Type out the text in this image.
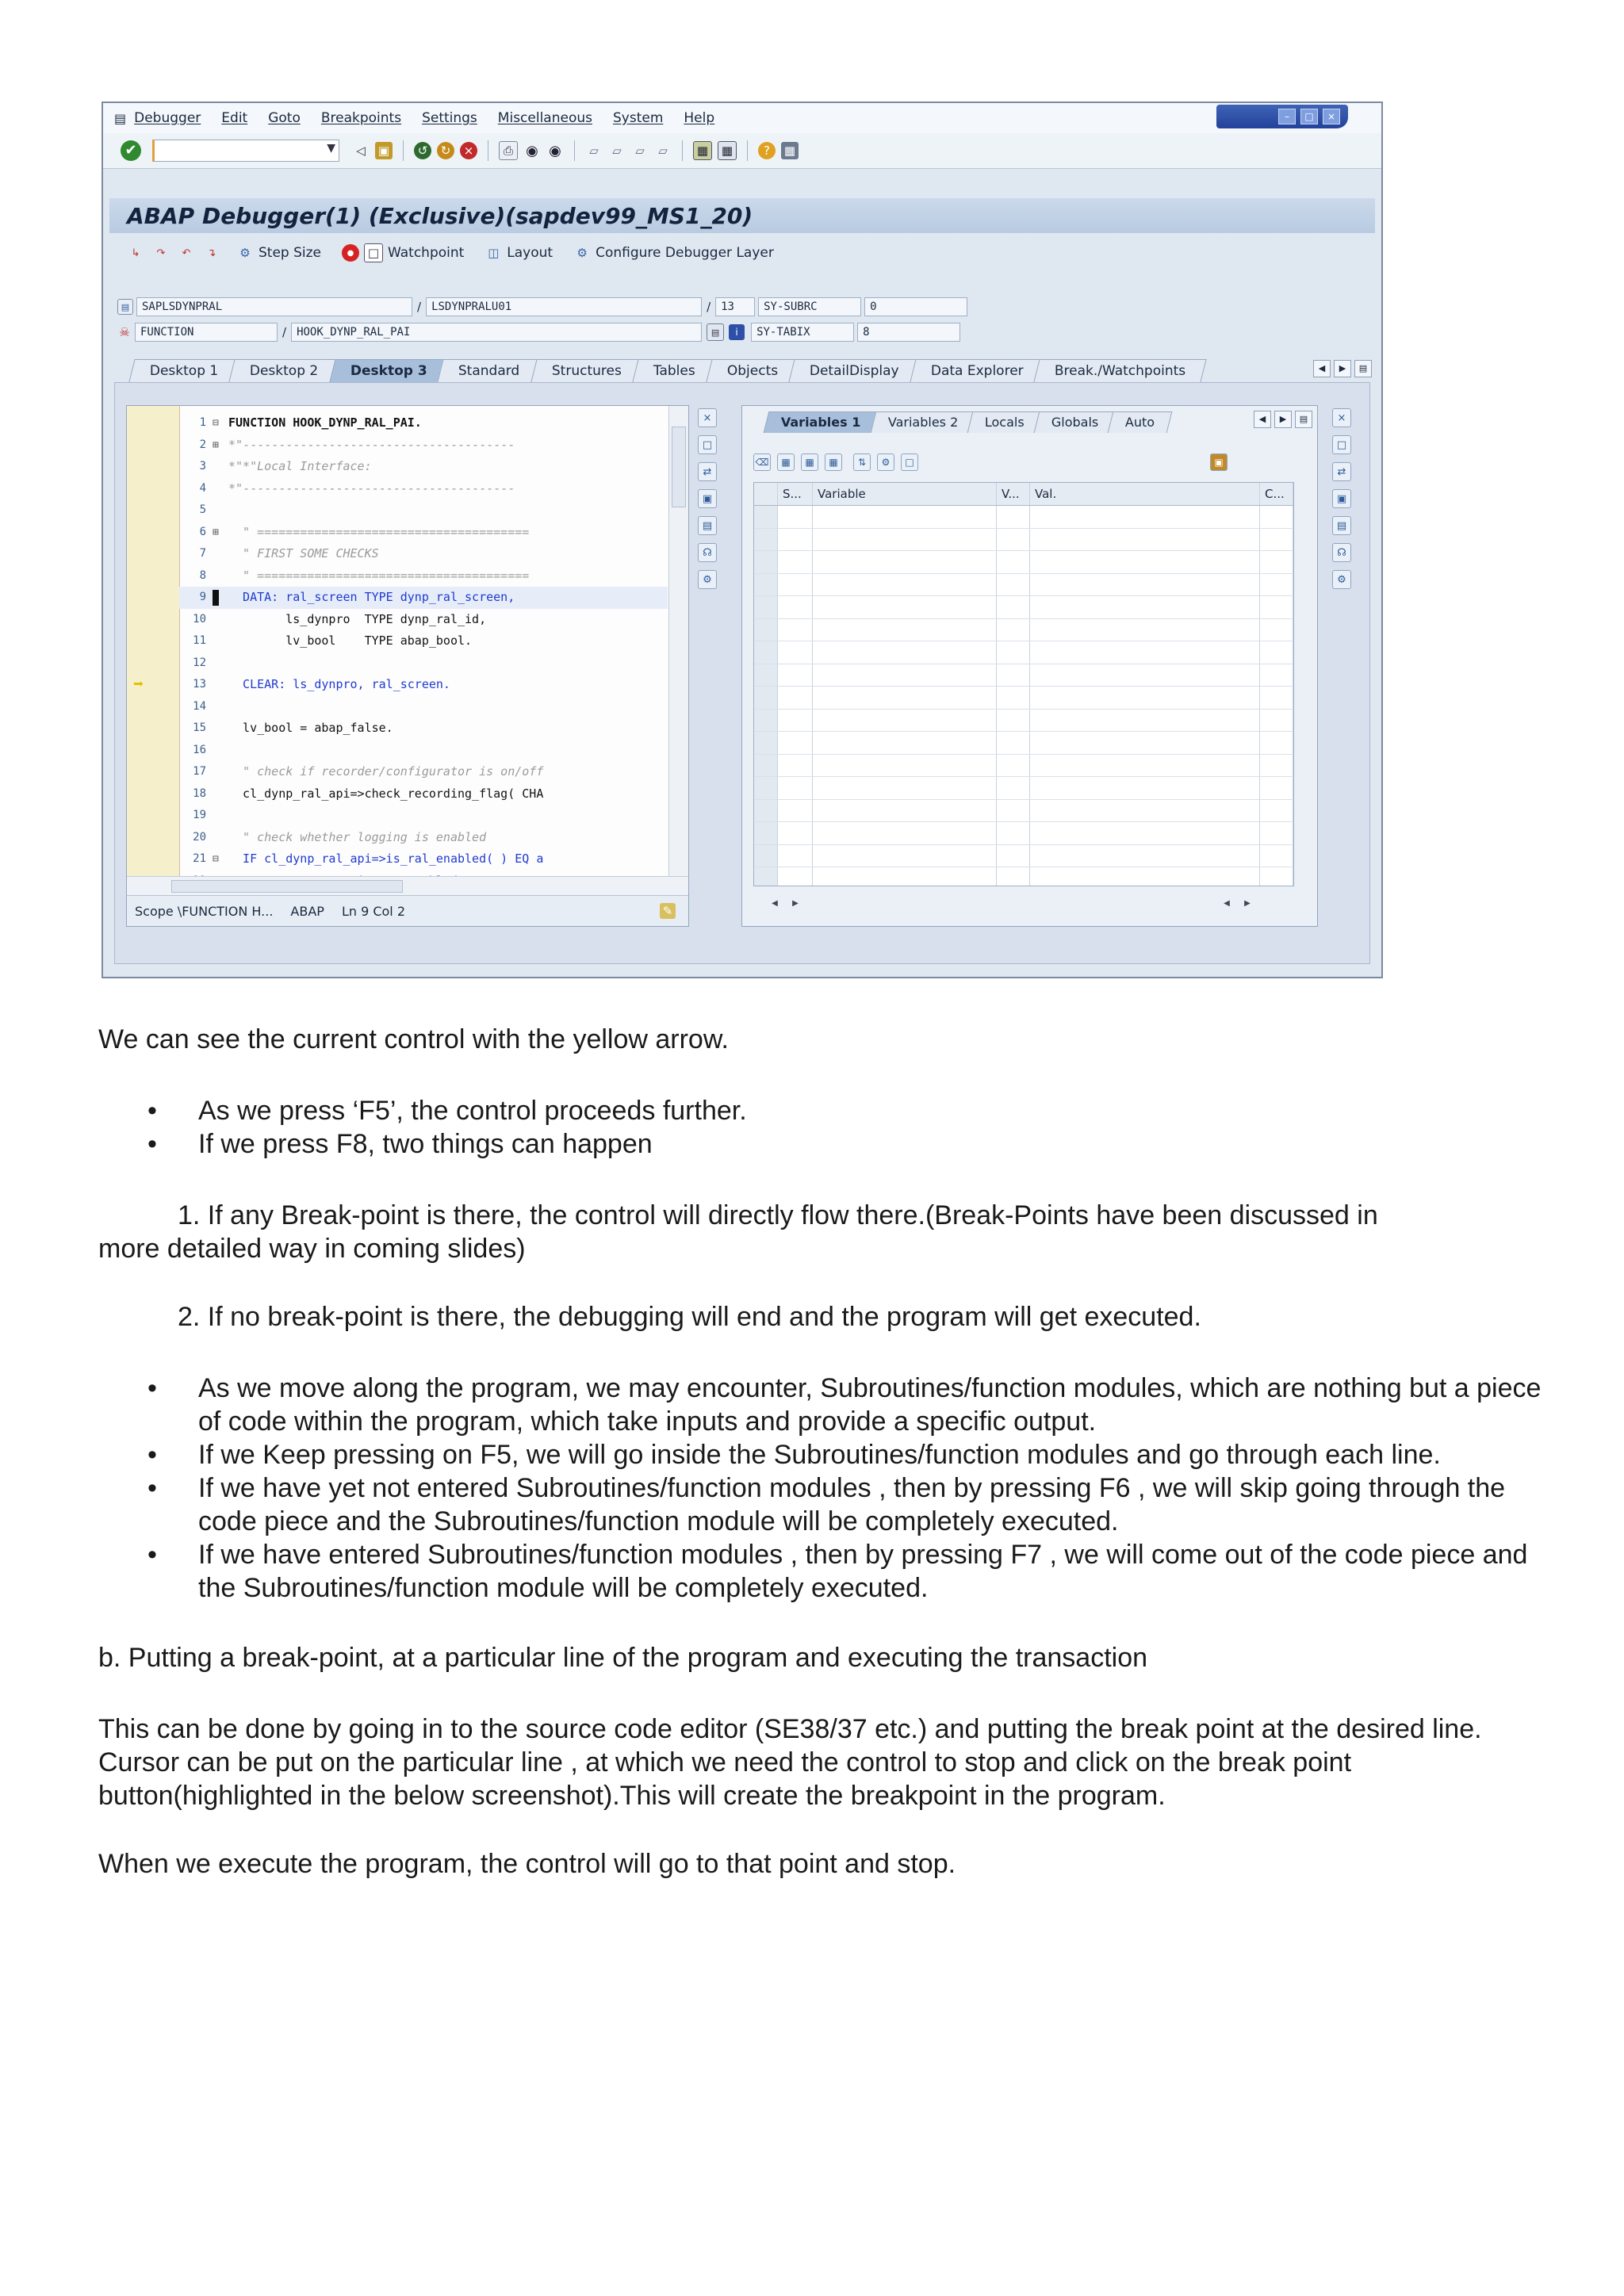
▤ Debugger Edit Goto Breakpoints Settings Miscellaneous System Help	–	□	×
✔	▼	◁	▣	↺	↻	×	⎙ ◉ ◉	▱	▱	▱	▱	▦	▦	?	▦
ABAP Debugger(1) (Exclusive)(sapdev99_MS1_20)
↳	↷	↶	↴	⚙ Step Size	●	□ Watchpoint ◫ Layout ⚙ Configure Debugger Layer
▤	SAPLSDYNPRAL	/ LSDYNPRALU01	/ 13	SY-SUBRC	0
☠ FUNCTION	/ HOOK_DYNP_RAL_PAI	▤	i	SY-TABIX	8
Desktop 1	Desktop 2	Desktop 3	Standard	Structures	Tables	Objects	DetailDisplay	Data Explorer	Break./Watchpoints	◀	▶	▤
1 ⊟ FUNCTION HOOK_DYNP_RAL_PAI.
2 ⊞ *"--------------------------------------
3 *"*"Local Interface:
4 *"--------------------------------------
5
6 ⊞ " ======================================
7 " FIRST SOME CHECKS
8 " ======================================
9 DATA: ral_screen TYPE dynp_ral_screen,
10 ls_dynpro  TYPE dynp_ral_id,
11 lv_bool    TYPE abap_bool.
12
➡	13 CLEAR: ls_dynpro, ral_screen.
14
15 lv_bool = abap_false.
16
17 " check if recorder/configurator is on/off
18 cl_dynp_ral_api=>check_recording_flag( CHA
19
20 " check whether logging is enabled
21 ⊟ IF cl_dynp_ral_api=>is_ral_enabled( ) EQ a
Scope \FUNCTION H... ABAP Ln 9 Col 2	✎
×
□
⇄
▣
▤
☊
⚙
Variables 1	Variables 2	Locals	Globals	Auto	◀	▶	▤
⌫	▦	▦	▦	⇅	⚙	□	▣
S...	Variable	V...	Val.	C...
◀	▶	◀	▶
×
□
⇄
▣
▤
☊
⚙
We can see the current control with the yellow arrow.
• As we press ‘F5’, the control proceeds further.
• If we press F8, two things can happen
1. If any Break-point is there, the control will directly flow there.(Break-Points have been discussed in
more detailed way in coming slides)
2. If no break-point is there, the debugging will end and the program will get executed.
• As we move along the program, we may encounter, Subroutines/function modules, which are nothing but a piece of code within the program, which take inputs and provide a specific output.
• If we Keep pressing on F5, we will go inside the Subroutines/function modules and go through each line.
• If we have yet not entered Subroutines/function modules , then by pressing F6 , we will skip going through the code piece and the Subroutines/function module will be completely executed.
• If we have entered Subroutines/function modules , then by pressing F7 , we will come out of the code piece and the Subroutines/function module will be completely executed.
b. Putting a break-point, at a particular line of the program and executing the transaction
This can be done by going in to the source code editor (SE38/37 etc.) and putting the break point at the desired line. Cursor can be put on the particular line , at which we need the control to stop and click on the break point button(highlighted in the below screenshot).This will create the breakpoint in the program.
When we execute the program, the control will go to that point and stop.
